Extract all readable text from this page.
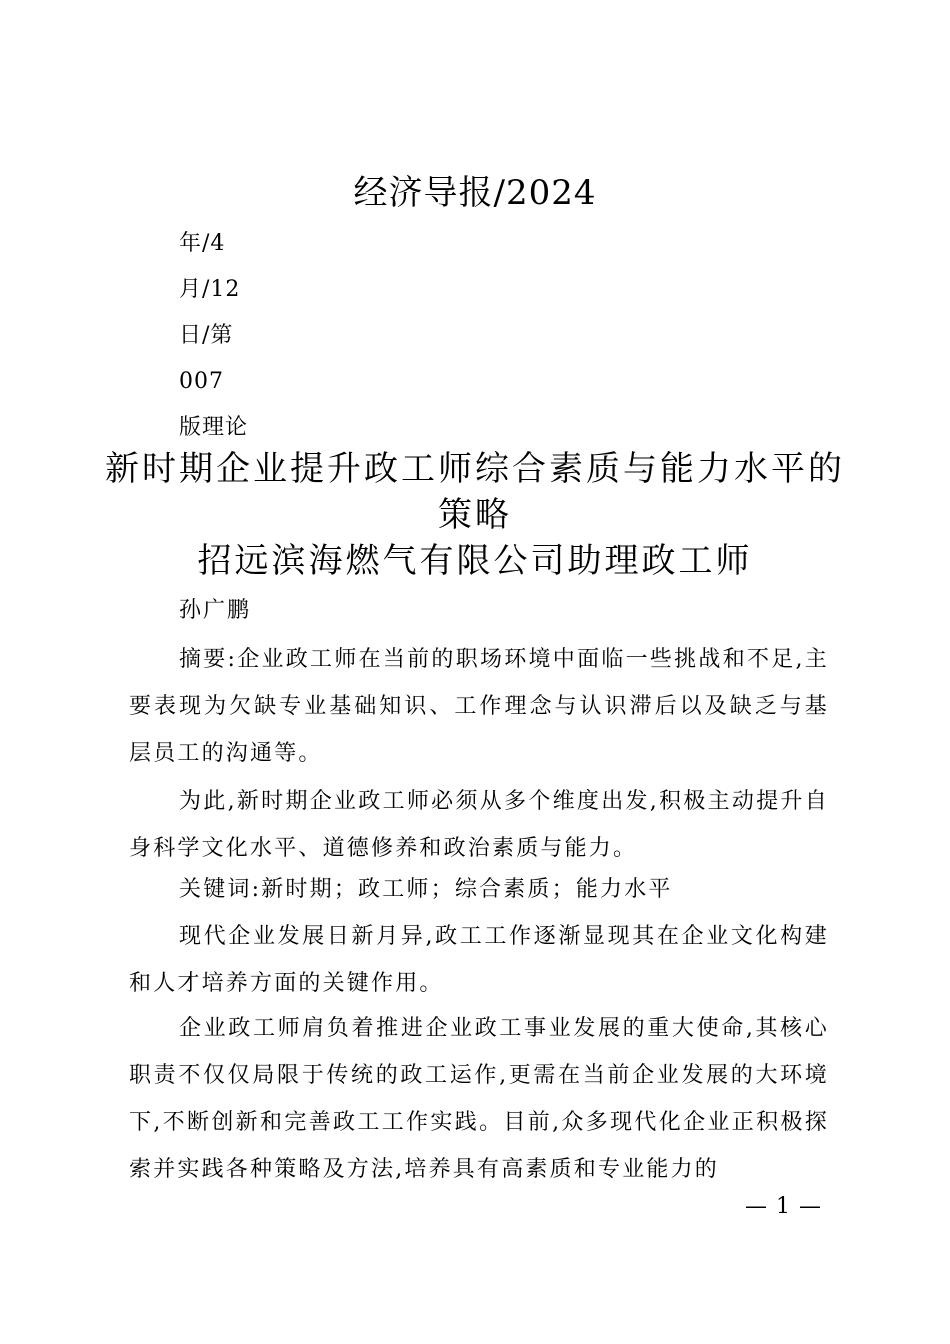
经济导报/2024
年/4
月/12
日/第
007
版理论
新时期企业提升政工师综合素质与能力水平的
策略
招远滨海燃气有限公司助理政工师
孙广鹏

摘要:企业政工师在当前的职场环境中面临一些挑战和不足,主要表现为欠缺专业基础知识、工作理念与认识滞后以及缺乏与基层员工的沟通等。

为此,新时期企业政工师必须从多个维度出发,积极主动提升自身科学文化水平、道德修养和政治素质与能力。

关键词:新时期；政工师；综合素质；能力水平

现代企业发展日新月异,政工工作逐渐显现其在企业文化构建和人才培养方面的关键作用。

企业政工师肩负着推进企业政工事业发展的重大使命,其核心职责不仅仅局限于传统的政工运作,更需在当前企业发展的大环境下,不断创新和完善政工工作实践。目前,众多现代化企业正积极探索并实践各种策略及方法,培养具有高素质和专业能力的

— 1 —
